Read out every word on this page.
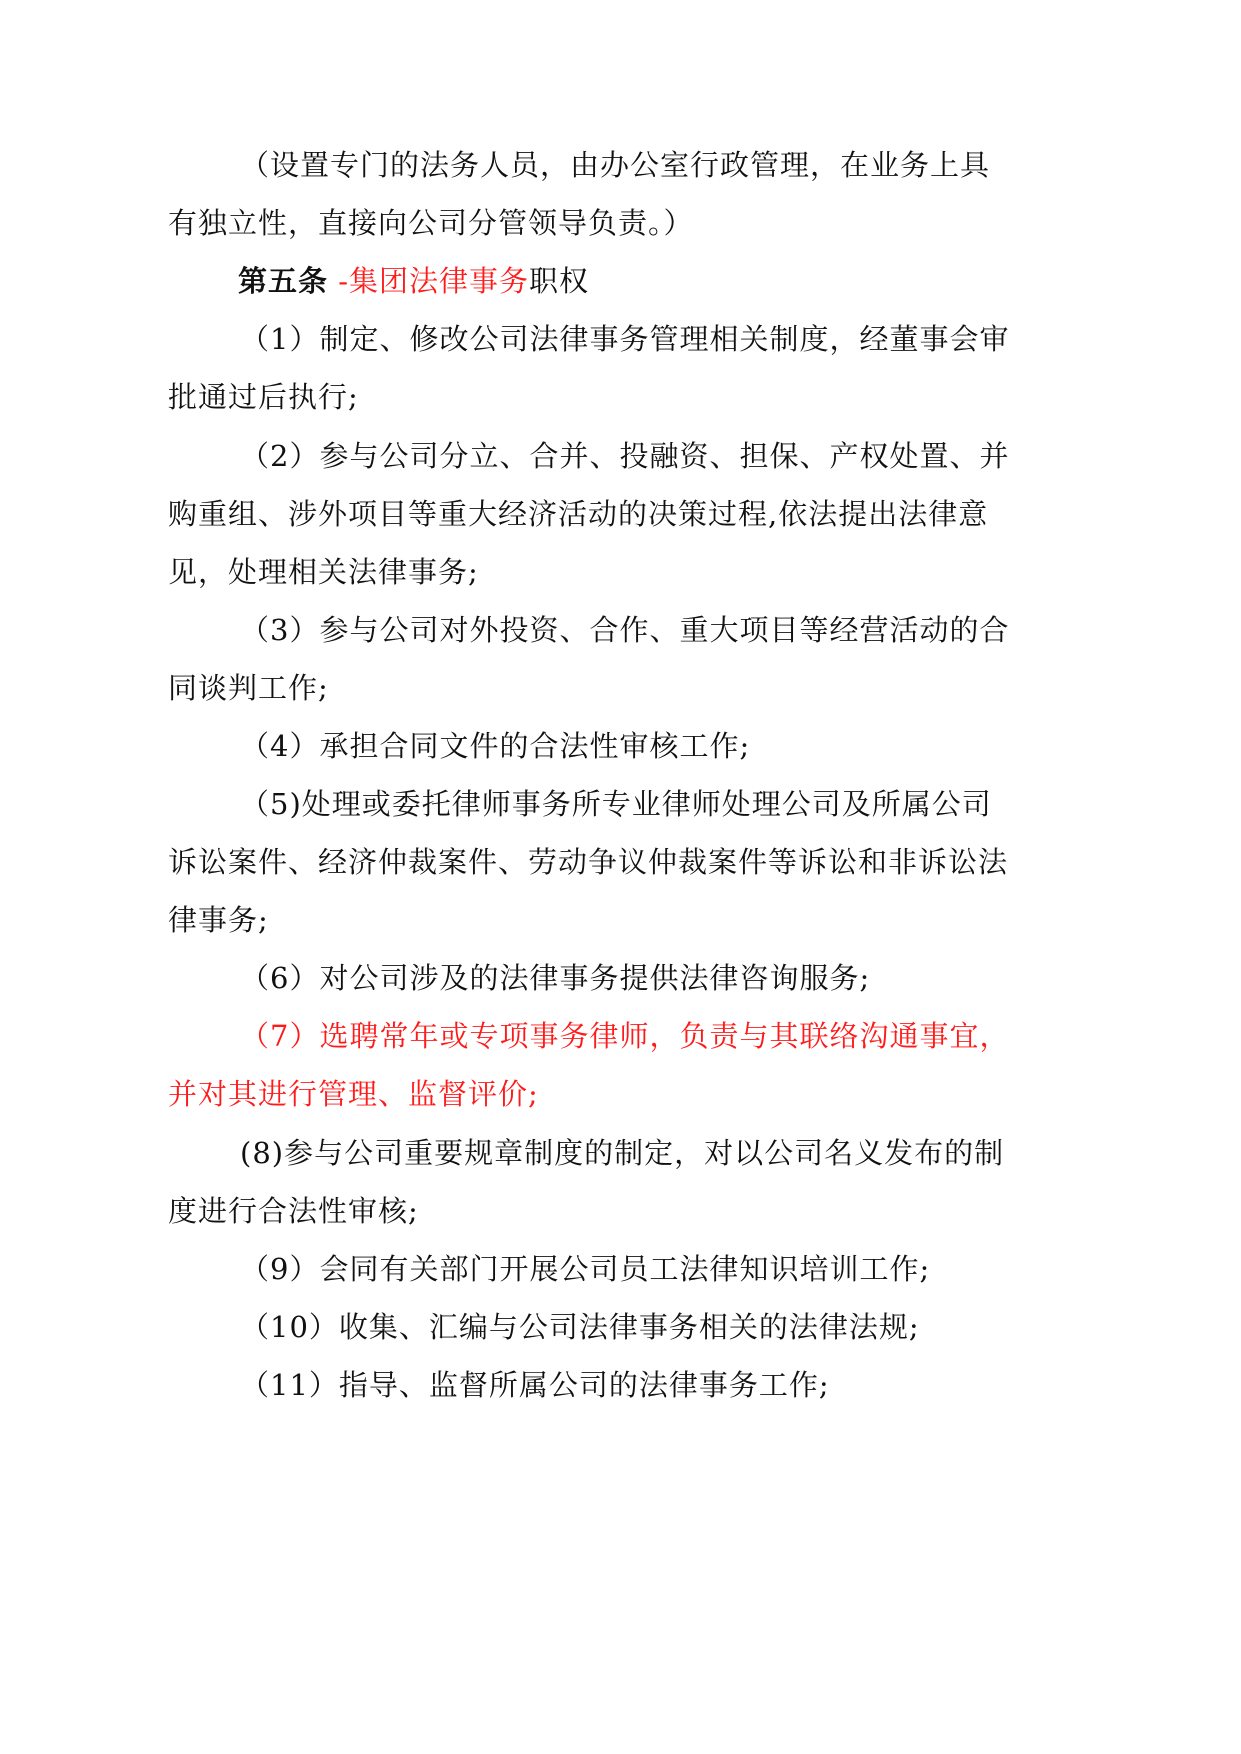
（设置专门的法务人员，由办公室行政管理，在业务上具
有独立性，直接向公司分管领导负责。）
第五条 -集团法律事务职权
（1）制定、修改公司法律事务管理相关制度，经董事会审
批通过后执行;
（2）参与公司分立、合并、投融资、担保、产权处置、并
购重组、涉外项目等重大经济活动的决策过程,依法提出法律意
见，处理相关法律事务;
（3）参与公司对外投资、合作、重大项目等经营活动的合
同谈判工作;
（4）承担合同文件的合法性审核工作;
（5)处理或委托律师事务所专业律师处理公司及所属公司
诉讼案件、经济仲裁案件、劳动争议仲裁案件等诉讼和非诉讼法
律事务;
（6）对公司涉及的法律事务提供法律咨询服务;
（7）选聘常年或专项事务律师，负责与其联络沟通事宜，
并对其进行管理、监督评价;
(8)参与公司重要规章制度的制定，对以公司名义发布的制
度进行合法性审核;
（9）会同有关部门开展公司员工法律知识培训工作;
（10）收集、汇编与公司法律事务相关的法律法规;
（11）指导、监督所属公司的法律事务工作;
